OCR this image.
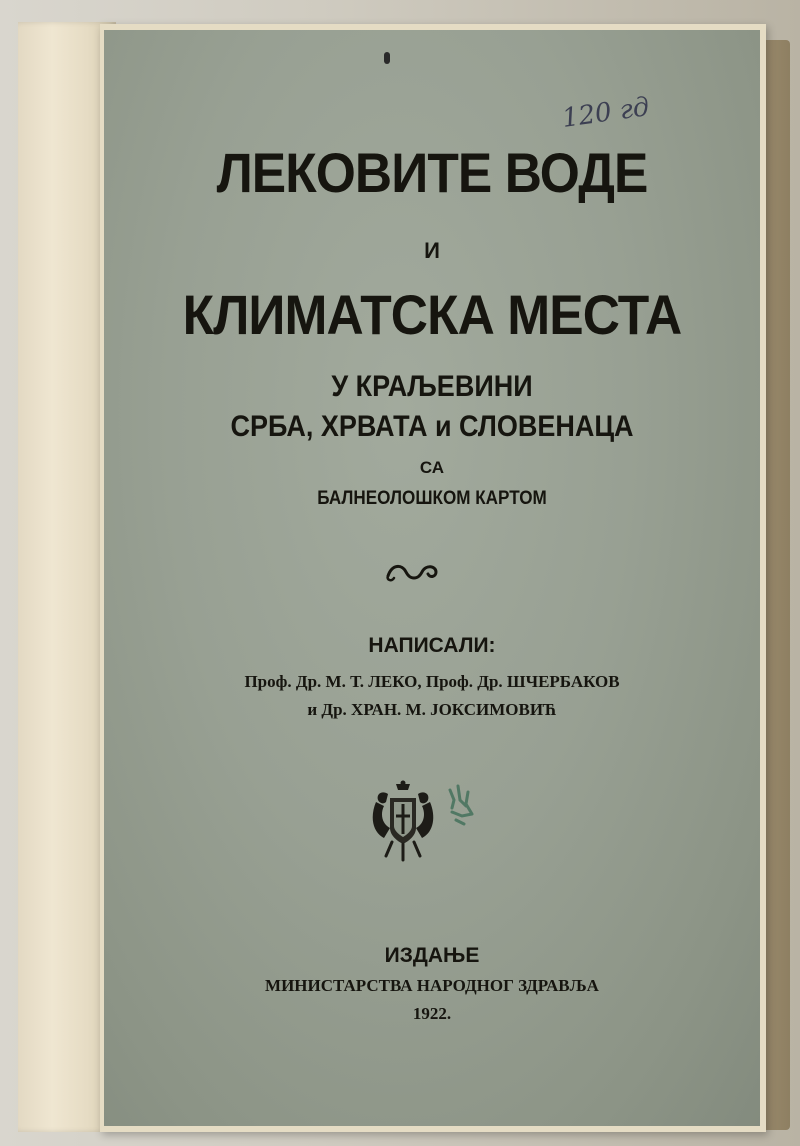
120 гд
ЛЕКОВИТЕ ВОДЕ
И
КЛИМАТСКА МЕСТА
У КРАЉЕВИНИ
СРБА, ХРВАТА и СЛОВЕНАЦА
СА
БАЛНЕОЛОШКОМ КАРТОМ
НАПИСАЛИ:
Проф. Др. М. Т. ЛЕКО, Проф. Др. ШЧЕРБАКОВ
и Др. ХРАН. М. ЈОКСИМОВИЋ
ИЗДАЊЕ
МИНИСТАРСТВА НАРОДНОГ ЗДРАВЉА
1922.
